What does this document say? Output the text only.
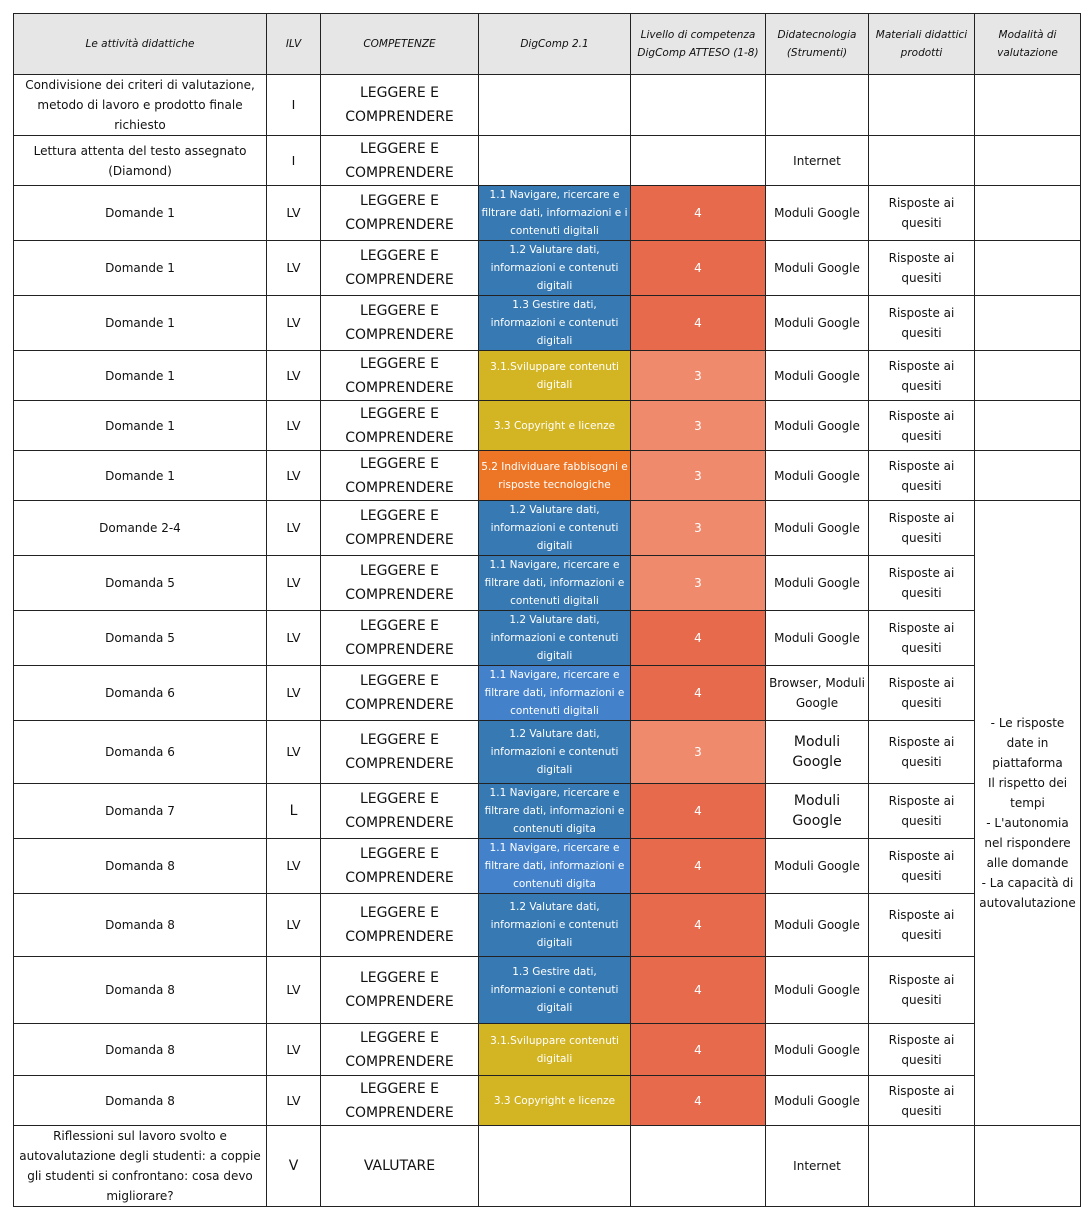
Le attività didattiche	ILV	COMPETENZE	DigComp 2.1	Livello di competenza DigComp ATTESO (1-8)	Didatecnologia (Strumenti)	Materiali didattici prodotti	Modalità di valutazione
Condivisione dei criteri di valutazione, metodo di lavoro e prodotto finale richiesto	I	LEGGERE E COMPRENDERE					
Lettura attenta del testo assegnato (Diamond)	I	LEGGERE E COMPRENDERE			Internet		
Domande 1	LV	LEGGERE E COMPRENDERE	1.1 Navigare, ricercare e filtrare dati, informazioni e i contenuti digitali	4	Moduli Google	Risposte ai quesiti	
Domande 1	LV	LEGGERE E COMPRENDERE	1.2 Valutare dati, informazioni e contenuti digitali	4	Moduli Google	Risposte ai quesiti	
Domande 1	LV	LEGGERE E COMPRENDERE	1.3 Gestire dati, informazioni e contenuti digitali	4	Moduli Google	Risposte ai quesiti	
Domande 1	LV	LEGGERE E COMPRENDERE	3.1.Sviluppare contenuti digitali	3	Moduli Google	Risposte ai quesiti	
Domande 1	LV	LEGGERE E COMPRENDERE	3.3 Copyright e licenze	3	Moduli Google	Risposte ai quesiti	
Domande 1	LV	LEGGERE E COMPRENDERE	5.2 Individuare fabbisogni e risposte tecnologiche	3	Moduli Google	Risposte ai quesiti	
Domande 2-4	LV	LEGGERE E COMPRENDERE	1.2 Valutare dati, informazioni e contenuti digitali	3	Moduli Google	Risposte ai quesiti	- Le risposte date in piattaforma
Il rispetto dei tempi
- L'autonomia nel rispondere alle domande
- La capacità di autovalutazione
Domanda 5	LV	LEGGERE E COMPRENDERE	1.1 Navigare, ricercare e filtrare dati, informazioni e contenuti digitali	3	Moduli Google	Risposte ai quesiti	
Domanda 5	LV	LEGGERE E COMPRENDERE	1.2 Valutare dati, informazioni e contenuti digitali	4	Moduli Google	Risposte ai quesiti	
Domanda 6	LV	LEGGERE E COMPRENDERE	1.1 Navigare, ricercare e filtrare dati, informazioni e contenuti digitali	4	Browser, Moduli Google	Risposte ai quesiti	
Domanda 6	LV	LEGGERE E COMPRENDERE	1.2 Valutare dati, informazioni e contenuti digitali	3	Moduli Google	Risposte ai quesiti	
Domanda 7	L	LEGGERE E COMPRENDERE	1.1 Navigare, ricercare e filtrare dati, informazioni e contenuti digita	4	Moduli Google	Risposte ai quesiti	
Domanda 8	LV	LEGGERE E COMPRENDERE	1.1 Navigare, ricercare e filtrare dati, informazioni e contenuti digita	4	Moduli Google	Risposte ai quesiti	
Domanda 8	LV	LEGGERE E COMPRENDERE	1.2 Valutare dati, informazioni e contenuti digitali	4	Moduli Google	Risposte ai quesiti	
Domanda 8	LV	LEGGERE E COMPRENDERE	1.3 Gestire dati, informazioni e contenuti digitali	4	Moduli Google	Risposte ai quesiti	
Domanda 8	LV	LEGGERE E COMPRENDERE	3.1.Sviluppare contenuti digitali	4	Moduli Google	Risposte ai quesiti	
Domanda 8	LV	LEGGERE E COMPRENDERE	3.3 Copyright e licenze	4	Moduli Google	Risposte ai quesiti	
Riflessioni sul lavoro svolto e autovalutazione degli studenti: a coppie gli studenti si confrontano: cosa devo migliorare?	V	VALUTARE			Internet		
